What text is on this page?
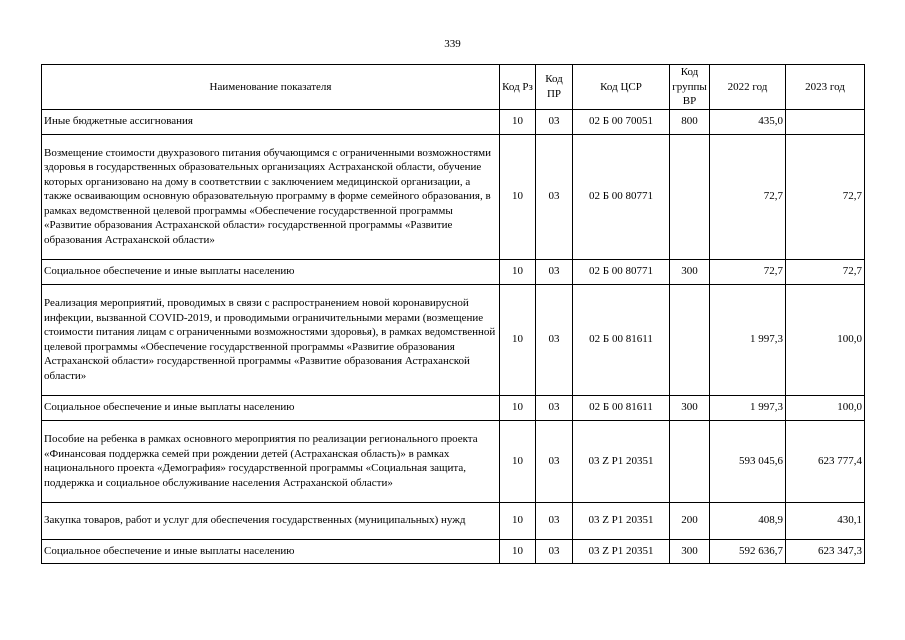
339
Наименование показателя	Код Рз	Код ПР	Код ЦСР	Код группы ВР	2022 год	2023 год
Иные бюджетные ассигнования	10	03	02 Б 00 70051	800	435,0	
Возмещение стоимости двухразового питания обучающимся с ограниченными возможностями здоровья в государственных образовательных организациях Астраханской области, обучение которых организовано на дому в соответствии с заключением медицинской организации, а также осваивающим основную образовательную программу в форме семейного образования, в рамках ведомственной целевой программы «Обеспечение государственной программы «Развитие образования Астраханской области» государственной программы «Развитие образования Астраханской области»	10	03	02 Б 00 80771		72,7	72,7
Социальное обеспечение и иные выплаты населению	10	03	02 Б 00 80771	300	72,7	72,7
Реализация мероприятий, проводимых в связи с распространением новой коронавирусной инфекции, вызванной COVID-2019, и проводимыми ограничительными мерами (возмещение стоимости питания лицам с ограниченными возможностями здоровья), в рамках ведомственной целевой программы «Обеспечение государственной программы «Развитие образования Астраханской области» государственной программы «Развитие образования Астраханской области»	10	03	02 Б 00 81611		1 997,3	100,0
Социальное обеспечение и иные выплаты населению	10	03	02 Б 00 81611	300	1 997,3	100,0
Пособие на ребенка в рамках основного мероприятия по реализации регионального проекта «Финансовая поддержка семей при рождении детей (Астраханская область)» в рамках национального проекта «Демография» государственной программы «Социальная защита, поддержка и социальное обслуживание населения Астраханской области»	10	03	03 Z P1 20351		593 045,6	623 777,4
Закупка товаров, работ и услуг для обеспечения государственных (муниципальных) нужд	10	03	03 Z P1 20351	200	408,9	430,1
Социальное обеспечение и иные выплаты населению	10	03	03 Z P1 20351	300	592 636,7	623 347,3
